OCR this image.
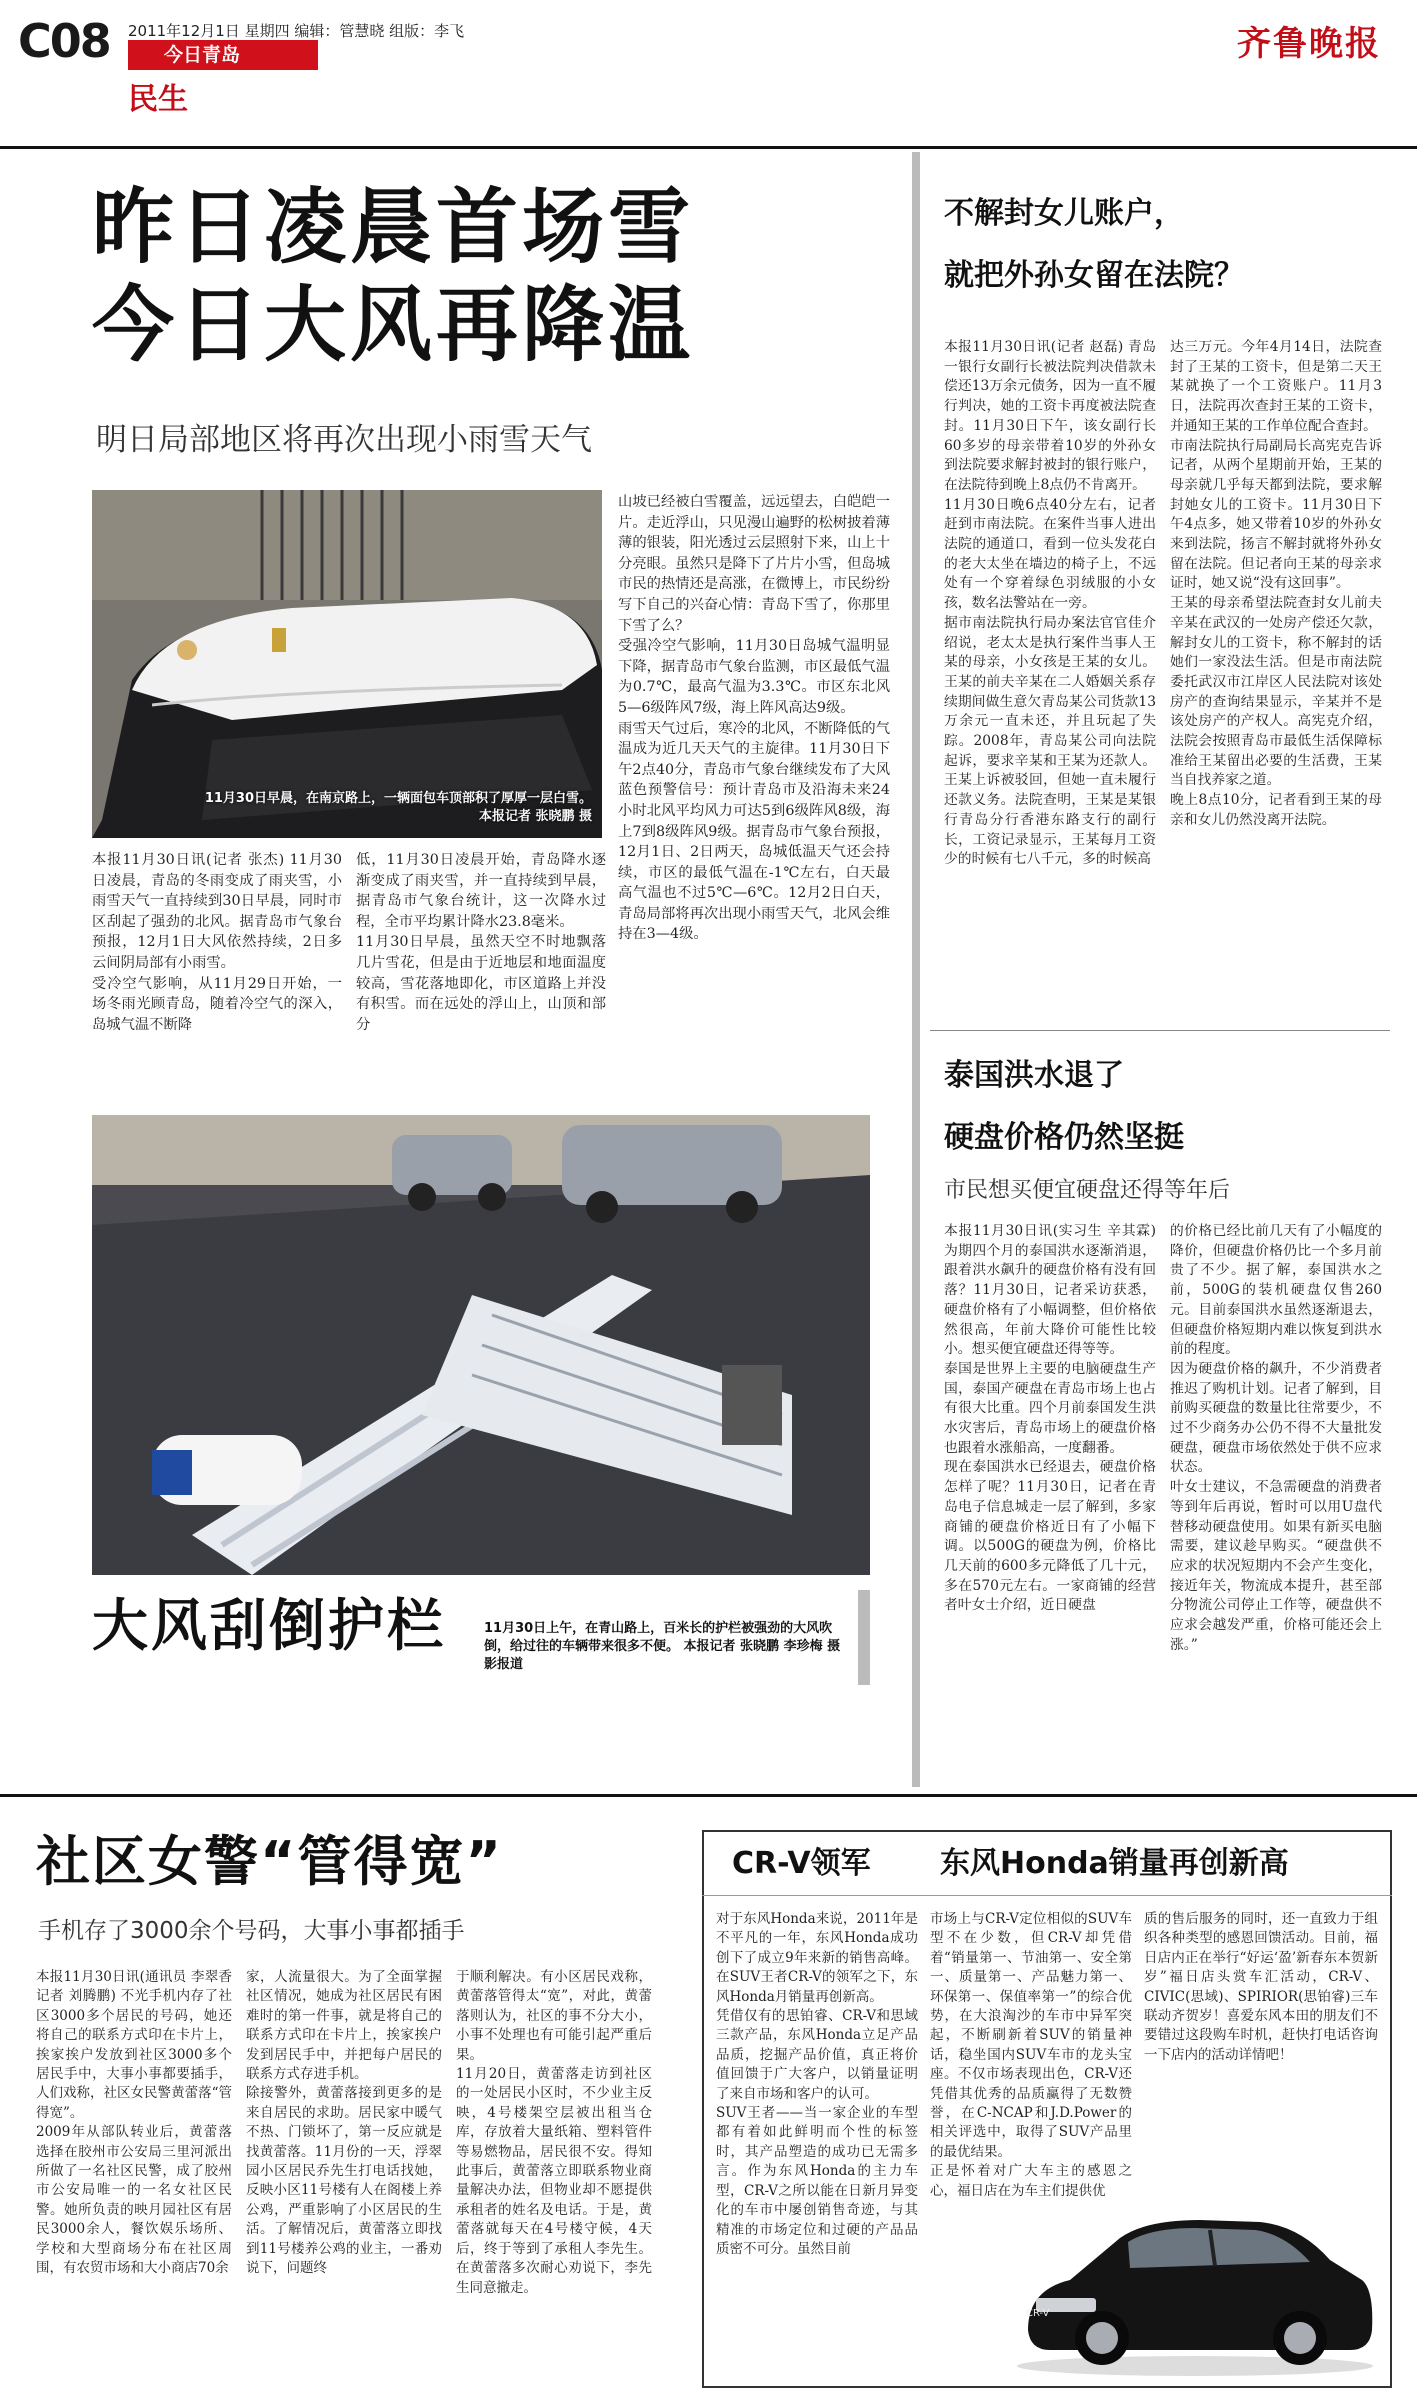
C08 2011年12月1日 星期四 编辑：管慧晓 组版：李飞
今日青岛
民生
齐鲁晚报
昨日凌晨首场雪
今日大风再降温
明日局部地区将再次出现小雨雪天气
11月30日早晨，在南京路上，一辆面包车顶部积了厚厚一层白雪。
本报记者 张晓鹏 摄
山坡已经被白雪覆盖，远远望去，白皑皑一片。走近浮山，只见漫山遍野的松树披着薄薄的银装，阳光透过云层照射下来，山上十分亮眼。虽然只是降下了片片小雪，但岛城市民的热情还是高涨，在微博上，市民纷纷写下自己的兴奋心情：青岛下雪了，你那里下雪了么？
受强冷空气影响，11月30日岛城气温明显下降，据青岛市气象台监测，市区最低气温为0.7℃，最高气温为3.3℃。市区东北风5—6级阵风7级，海上阵风高达9级。
雨雪天气过后，寒冷的北风，不断降低的气温成为近几天天气的主旋律。11月30日下午2点40分，青岛市气象台继续发布了大风蓝色预警信号：预计青岛市及沿海未来24小时北风平均风力可达5到6级阵风8级，海上7到8级阵风9级。据青岛市气象台预报，12月1日、2日两天，岛城低温天气还会持续，市区的最低气温在-1℃左右，白天最高气温也不过5℃—6℃。12月2日白天，青岛局部将再次出现小雨雪天气，北风会维持在3—4级。
本报11月30日讯(记者 张杰) 11月30日凌晨，青岛的冬雨变成了雨夹雪，小雨雪天气一直持续到30日早晨，同时市区刮起了强劲的北风。据青岛市气象台预报，12月1日大风依然持续，2日多云间阴局部有小雨雪。
受冷空气影响，从11月29日开始，一场冬雨光顾青岛，随着冷空气的深入，岛城气温不断降
低，11月30日凌晨开始，青岛降水逐渐变成了雨夹雪，并一直持续到早晨，据青岛市气象台统计，这一次降水过程，全市平均累计降水23.8毫米。
11月30日早晨，虽然天空不时地飘落几片雪花，但是由于近地层和地面温度较高，雪花落地即化，市区道路上并没有积雪。而在远处的浮山上，山顶和部分
大风刮倒护栏	11月30日上午，在青山路上，百米长的护栏被强劲的大风吹倒，给过往的车辆带来很多不便。 本报记者 张晓鹏 李珍梅 摄影报道
不解封女儿账户，
就把外孙女留在法院？
本报11月30日讯(记者 赵磊) 青岛一银行女副行长被法院判决借款未偿还13万余元债务，因为一直不履行判决，她的工资卡再度被法院查封。11月30日下午，该女副行长60多岁的母亲带着10岁的外孙女到法院要求解封被封的银行账户，在法院待到晚上8点仍不肯离开。
11月30日晚6点40分左右，记者赶到市南法院。在案件当事人进出法院的通道口，看到一位头发花白的老大太坐在墙边的椅子上，不远处有一个穿着绿色羽绒服的小女孩，数名法警站在一旁。
据市南法院执行局办案法官官佳介绍说，老太太是执行案件当事人王某的母亲，小女孩是王某的女儿。王某的前夫辛某在二人婚姻关系存续期间做生意欠青岛某公司货款13万余元一直未还，并且玩起了失踪。2008年，青岛某公司向法院起诉，要求辛某和王某为还款人。王某上诉被驳回，但她一直未履行还款义务。法院查明，王某是某银行青岛分行香港东路支行的副行长，工资记录显示，王某每月工资少的时候有七八千元，多的时候高
达三万元。今年4月14日，法院查封了王某的工资卡，但是第二天王某就换了一个工资账户。11月3日，法院再次查封王某的工资卡，并通知王某的工作单位配合查封。
市南法院执行局副局长高宪克告诉记者，从两个星期前开始，王某的母亲就几乎每天都到法院，要求解封她女儿的工资卡。11月30日下午4点多，她又带着10岁的外孙女来到法院，扬言不解封就将外孙女留在法院。但记者向王某的母亲求证时，她又说“没有这回事”。
王某的母亲希望法院查封女儿前夫辛某在武汉的一处房产偿还欠款，解封女儿的工资卡，称不解封的话她们一家没法生活。但是市南法院委托武汉市江岸区人民法院对该处房产的查询结果显示，辛某并不是该处房产的产权人。高宪克介绍，法院会按照青岛市最低生活保障标准给王某留出必要的生活费，王某当自找养家之道。
晚上8点10分，记者看到王某的母亲和女儿仍然没离开法院。
泰国洪水退了
硬盘价格仍然坚挺
市民想买便宜硬盘还得等年后
本报11月30日讯(实习生 辛其霖) 为期四个月的泰国洪水逐渐消退，跟着洪水飙升的硬盘价格有没有回落？11月30日，记者采访获悉，硬盘价格有了小幅调整，但价格依然很高，年前大降价可能性比较小。想买便宜硬盘还得等等。
泰国是世界上主要的电脑硬盘生产国，泰国产硬盘在青岛市场上也占有很大比重。四个月前泰国发生洪水灾害后，青岛市场上的硬盘价格也跟着水涨船高，一度翻番。
现在泰国洪水已经退去，硬盘价格怎样了呢？11月30日，记者在青岛电子信息城走一层了解到，多家商铺的硬盘价格近日有了小幅下调。以500G的硬盘为例，价格比几天前的600多元降低了几十元，多在570元左右。一家商铺的经营者叶女士介绍，近日硬盘
的价格已经比前几天有了小幅度的降价，但硬盘价格仍比一个多月前贵了不少。据了解，泰国洪水之前，500G的装机硬盘仅售260元。目前泰国洪水虽然逐渐退去，但硬盘价格短期内难以恢复到洪水前的程度。
因为硬盘价格的飙升，不少消费者推迟了购机计划。记者了解到，目前购买硬盘的数量比往常要少，不过不少商务办公仍不得不大量批发硬盘，硬盘市场依然处于供不应求状态。
叶女士建议，不急需硬盘的消费者等到年后再说，暂时可以用U盘代替移动硬盘使用。如果有新买电脑需要，建议趁早购买。“硬盘供不应求的状况短期内不会产生变化，接近年关，物流成本提升，甚至部分物流公司停止工作等，硬盘供不应求会越发严重，价格可能还会上涨。”
社区女警“管得宽”
手机存了3000余个号码，大事小事都插手
本报11月30日讯(通讯员 李翠香 记者 刘腾鹏) 不光手机内存了社区3000多个居民的号码，她还将自己的联系方式印在卡片上，挨家挨户发放到社区3000多个居民手中，大事小事都要插手，人们戏称，社区女民警黄蕾落“管得宽”。
2009年从部队转业后，黄蕾落选择在胶州市公安局三里河派出所做了一名社区民警，成了胶州市公安局唯一的一名女社区民警。她所负责的映月园社区有居民3000余人，餐饮娱乐场所、学校和大型商场分布在社区周围，有农贸市场和大小商店70余
家，人流量很大。为了全面掌握社区情况，她成为社区居民有困难时的第一件事，就是将自己的联系方式印在卡片上，挨家挨户发到居民手中，并把每户居民的联系方式存进手机。
除接警外，黄蕾落接到更多的是来自居民的求助。居民家中暖气不热、门锁坏了，第一反应就是找黄蕾落。11月份的一天，浮翠园小区居民乔先生打电话找她，反映小区11号楼有人在阁楼上养公鸡，严重影响了小区居民的生活。了解情况后，黄蕾落立即找到11号楼养公鸡的业主，一番劝说下，问题终
于顺利解决。有小区居民戏称，黄蕾落管得太“宽”，对此，黄蕾落则认为，社区的事不分大小，小事不处理也有可能引起严重后果。
11月20日，黄蕾落走访到社区的一处居民小区时，不少业主反映，4号楼架空层被出租当仓库，存放着大量纸箱、塑料管件等易燃物品，居民很不安。得知此事后，黄蕾落立即联系物业商量解决办法，但物业却不愿提供承租者的姓名及电话。于是，黄蕾落就每天在4号楼守候，4天后，终于等到了承租人李先生。在黄蕾落多次耐心劝说下，李先生同意撤走。
CR-V领军 东风Honda销量再创新高
对于东风Honda来说，2011年是不平凡的一年，东风Honda成功创下了成立9年来新的销售高峰。在SUV王者CR-V的领军之下，东风Honda月销量再创新高。
凭借仅有的思铂睿、CR-V和思域三款产品，东风Honda立足产品品质，挖掘产品价值，真正将价值回馈于广大客户，以销量证明了来自市场和客户的认可。
SUV王者——当一家企业的车型都有着如此鲜明而个性的标签时，其产品塑造的成功已无需多言。作为东风Honda的主力车型，CR-V之所以能在日新月异变化的车市中屡创销售奇迹，与其精准的市场定位和过硬的产品品质密不可分。虽然目前
市场上与CR-V定位相似的SUV车型不在少数，但CR-V却凭借着“销量第一、节油第一、安全第一、质量第一、产品魅力第一、环保第一、保值率第一”的综合优势，在大浪淘沙的车市中异军突起，不断刷新着SUV的销量神话，稳坐国内SUV车市的龙头宝座。不仅市场表现出色，CR-V还凭借其优秀的品质赢得了无数赞誉，在C-NCAP和J.D.Power的相关评选中，取得了SUV产品里的最优结果。
正是怀着对广大车主的感恩之心，福日店在为车主们提供优
质的售后服务的同时，还一直致力于组织各种类型的感恩回馈活动。目前，福日店内正在举行“好运‘盈’新春东本贺新岁”福日店头赏车汇活动，CR-V、CIVIC(思域)、SPIRIOR(思铂睿)三车联动齐贺岁！喜爱东风本田的朋友们不要错过这段购车时机，赶快打电话咨询一下店内的活动详情吧！
CR-V
